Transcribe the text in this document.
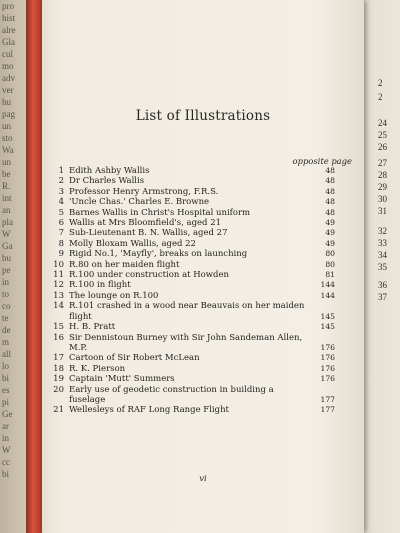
pro
hist
alre
Gla
cul
mo
adv
ver
hu
pag
un
sto
Wa
un
be
R.
int
an
pla
W
Ga
bu
pe
in
to
co
te
de
m
all
lo
bi
es
pi
Ge
ar
in
W
cc
bi
2
2
24
25
26
27
28
29
30
31
32
33
34
35
36
37
List of Illustrations
opposite page
1 Edith Ashby Wallis	48
2 Dr Charles Wallis	48
3 Professor Henry Armstrong, F.R.S.	48
4 'Uncle Chas.' Charles E. Browne	48
5 Barnes Wallis in Christ's Hospital uniform	48
6 Wallis at Mrs Bloomfield's, aged 21	49
7 Sub-Lieutenant B. N. Wallis, aged 27	49
8 Molly Bloxam Wallis, aged 22	49
9 Rigid No.1, 'Mayfly', breaks on launching	80
10 R.80 on her maiden flight	80
11 R.100 under construction at Howden	81
12 R.100 in flight	144
13 The lounge on R.100	144
14 R.101 crashed in a wood near Beauvais on her maiden flight	145
15 H. B. Pratt	145
16 Sir Dennistoun Burney with Sir John Sandeman Allen, M.P.	176
17 Cartoon of Sir Robert McLean	176
18 R. K. Pierson	176
19 Captain 'Mutt' Summers	176
20 Early use of geodetic construction in building a fuselage	177
21 Wellesleys of RAF Long Range Flight	177
vi
